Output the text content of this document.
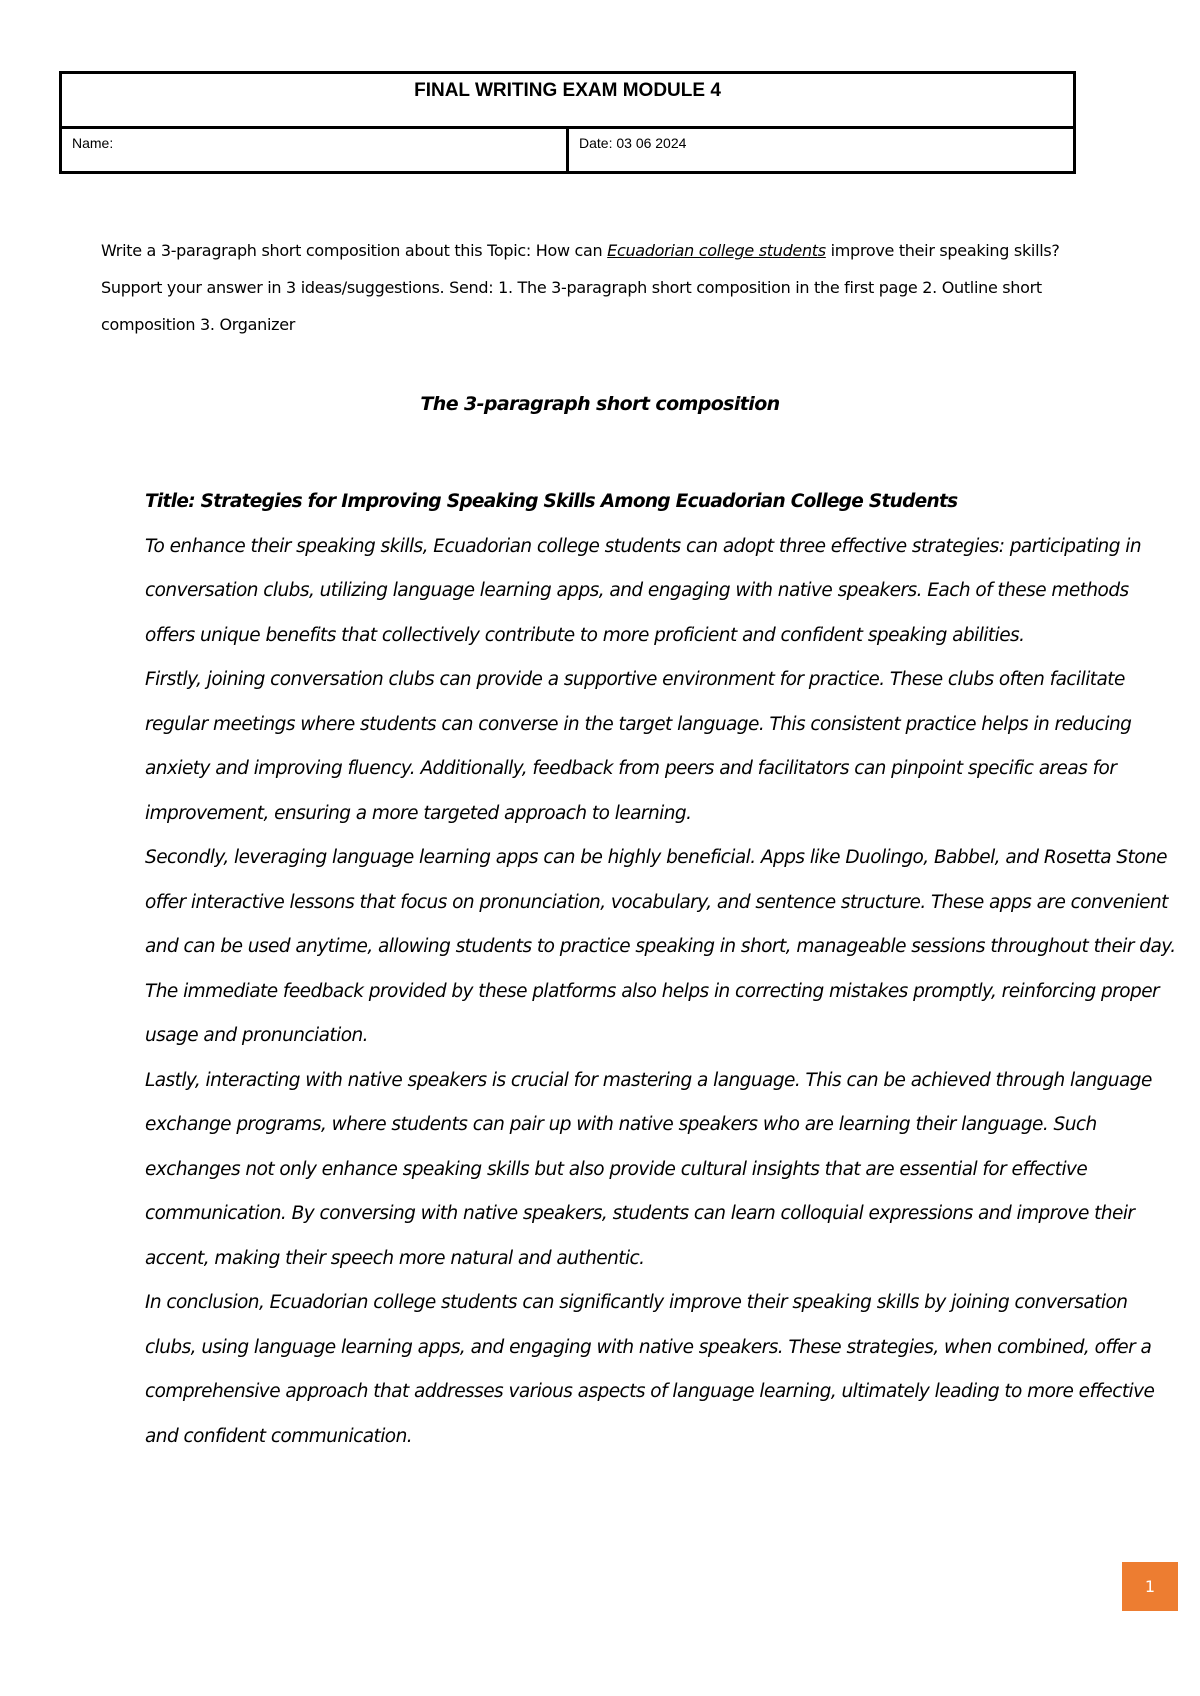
FINAL WRITING EXAM MODULE 4
Name:	Date: 03 06 2024
Write a 3-paragraph short composition about this Topic: How can Ecuadorian college students improve their speaking skills? Support your answer in 3 ideas/suggestions. Send: 1. The 3-paragraph short composition in the first page 2. Outline short composition 3. Organizer
The 3-paragraph short composition

Title: Strategies for Improving Speaking Skills Among Ecuadorian College Students

To enhance their speaking skills, Ecuadorian college students can adopt three effective strategies: participating in conversation clubs, utilizing language learning apps, and engaging with native speakers. Each of these methods offers unique benefits that collectively contribute to more proficient and confident speaking abilities.

Firstly, joining conversation clubs can provide a supportive environment for practice. These clubs often facilitate regular meetings where students can converse in the target language. This consistent practice helps in reducing anxiety and improving fluency. Additionally, feedback from peers and facilitators can pinpoint specific areas for improvement, ensuring a more targeted approach to learning.

Secondly, leveraging language learning apps can be highly beneficial. Apps like Duolingo, Babbel, and Rosetta Stone offer interactive lessons that focus on pronunciation, vocabulary, and sentence structure. These apps are convenient and can be used anytime, allowing students to practice speaking in short, manageable sessions throughout their day. The immediate feedback provided by these platforms also helps in correcting mistakes promptly, reinforcing proper usage and pronunciation.

Lastly, interacting with native speakers is crucial for mastering a language. This can be achieved through language exchange programs, where students can pair up with native speakers who are learning their language. Such exchanges not only enhance speaking skills but also provide cultural insights that are essential for effective communication. By conversing with native speakers, students can learn colloquial expressions and improve their accent, making their speech more natural and authentic.

In conclusion, Ecuadorian college students can significantly improve their speaking skills by joining conversation clubs, using language learning apps, and engaging with native speakers. These strategies, when combined, offer a comprehensive approach that addresses various aspects of language learning, ultimately leading to more effective and confident communication.

1
